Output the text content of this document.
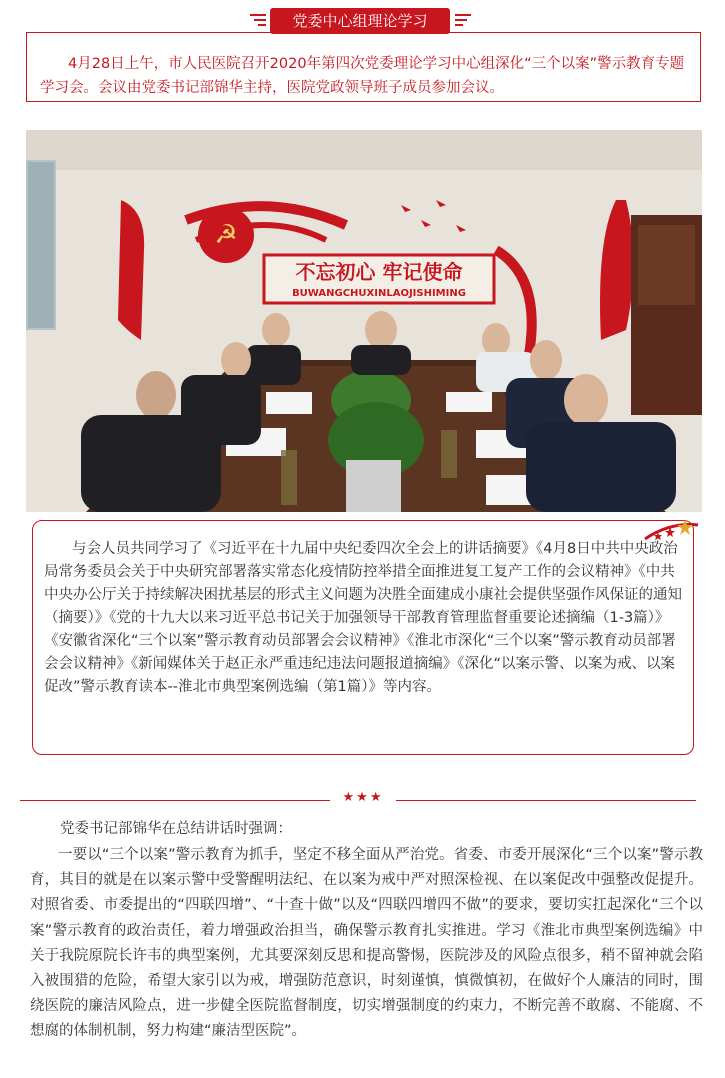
党委中心组理论学习

4月28日上午，市人民医院召开2020年第四次党委理论学习中心组深化“三个以案”警示教育专题学习会。会议由党委书记部锦华主持，医院党政领导班子成员参加会议。

☭
不忘初心 牢记使命
BUWANGCHUXINLAOJISHIMING

与会人员共同学习了《习近平在十九届中央纪委四次全会上的讲话摘要》《4月8日中共中央政治局常务委员会关于中央研究部署落实常态化疫情防控举措全面推进复工复产工作的会议精神》《中共中央办公厅关于持续解决困扰基层的形式主义问题为决胜全面建成小康社会提供坚强作风保证的通知（摘要）》《党的十九大以来习近平总书记关于加强领导干部教育管理监督重要论述摘编（1-3篇）》《安徽省深化“三个以案”警示教育动员部署会会议精神》《淮北市深化“三个以案”警示教育动员部署会会议精神》《新闻媒体关于赵正永严重违纪违法问题报道摘编》《深化“以案示警、以案为戒、以案促改”警示教育读本--淮北市典型案例选编（第1篇）》等内容。

★★★

党委书记部锦华在总结讲话时强调：

一要以“三个以案”警示教育为抓手，坚定不移全面从严治党。省委、市委开展深化“三个以案”警示教育，其目的就是在以案示警中受警醒明法纪、在以案为戒中严对照深检视、在以案促改中强整改促提升。对照省委、市委提出的“四联四增”、“十查十做”以及“四联四增四不做”的要求，要切实扛起深化“三个以案”警示教育的政治责任，着力增强政治担当，确保警示教育扎实推进。学习《淮北市典型案例选编》中关于我院原院长许韦的典型案例，尤其要深刻反思和提高警惕，医院涉及的风险点很多，稍不留神就会陷入被围猎的危险，希望大家引以为戒，增强防范意识，时刻谨慎，慎微慎初，在做好个人廉洁的同时，围绕医院的廉洁风险点，进一步健全医院监督制度，切实增强制度的约束力，不断完善不敢腐、不能腐、不想腐的体制机制，努力构建“廉洁型医院”。
